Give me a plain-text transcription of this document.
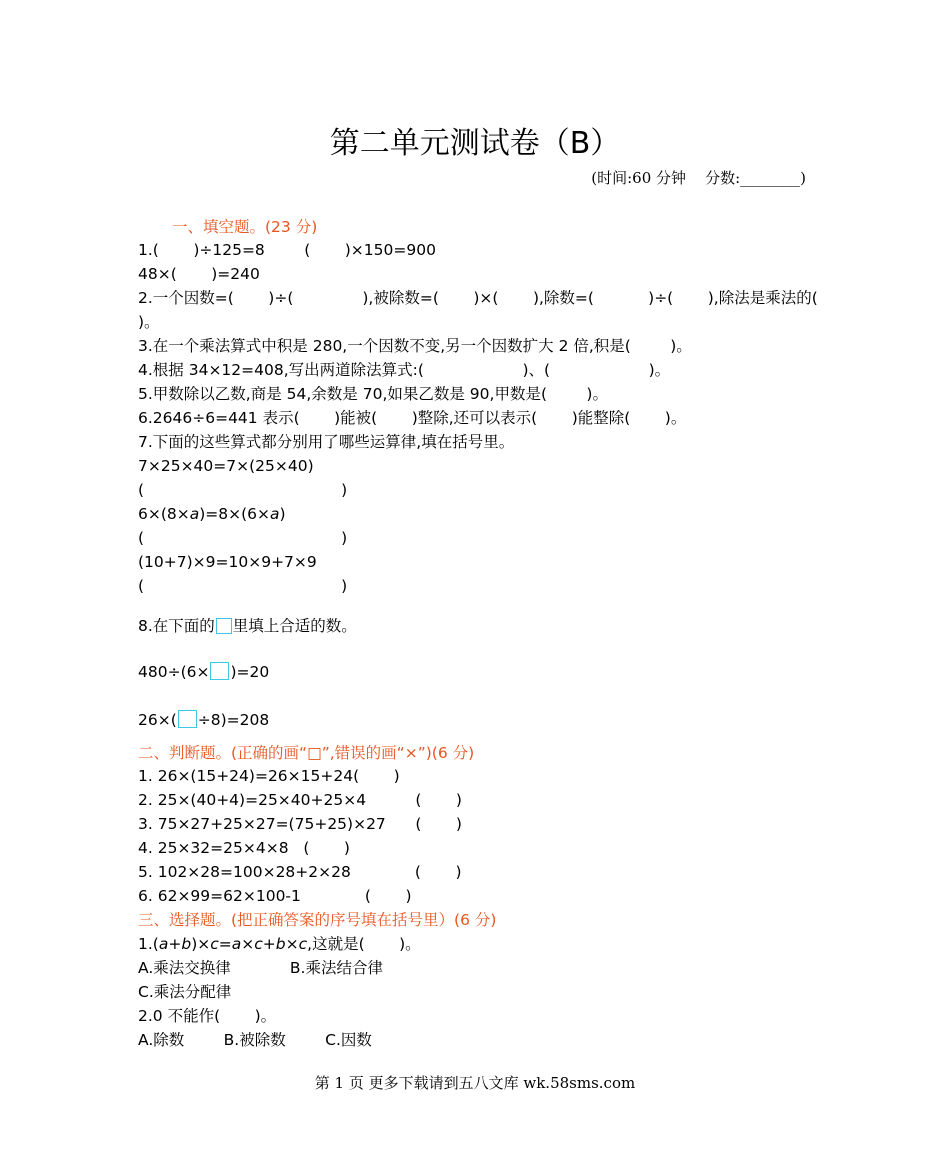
第二单元测试卷（B）
(时间:60 分钟    分数:________)
一、填空题。(23 分)
1.(       )÷125=8        (       )×150=900
48×(       )=240
2.一个因数=(       )÷(              ),被除数=(       )×(       ),除数=(           )÷(       ),除法是乘法的(
)。
3.在一个乘法算式中积是 280,一个因数不变,另一个因数扩大 2 倍,积是(        )。
4.根据 34×12=408,写出两道除法算式:(                    )、(                    )。
5.甲数除以乙数,商是 54,余数是 70,如果乙数是 90,甲数是(        )。
6.2646÷6=441 表示(       )能被(       )整除,还可以表示(       )能整除(       )。
7.下面的这些算式都分别用了哪些运算律,填在括号里。
7×25×40=7×(25×40)
(                                        )
6×(8×a)=8×(6×a)
(                                        )
(10+7)×9=10×9+7×9
(                                        )
8.在下面的 里填上合适的数。
480÷(6× )=20
26×( ÷8)=208
二、判断题。(正确的画“□”,错误的画“×”)(6 分)
1. 26×(15+24)=26×15+24(       )
2. 25×(40+4)=25×40+25×4          (       )
3. 75×27+25×27=(75+25)×27      (       )
4. 25×32=25×4×8   (       )
5. 102×28=100×28+2×28             (       )
6. 62×99=62×100-1             (       )
三、选择题。(把正确答案的序号填在括号里）(6 分)
1.(a+b)×c=a×c+b×c,这就是(       )。
A.乘法交换律            B.乘法结合律
C.乘法分配律
2.0 不能作(       )。
A.除数        B.被除数        C.因数
第 1 页 更多下载请到五八文库 wk.58sms.com
